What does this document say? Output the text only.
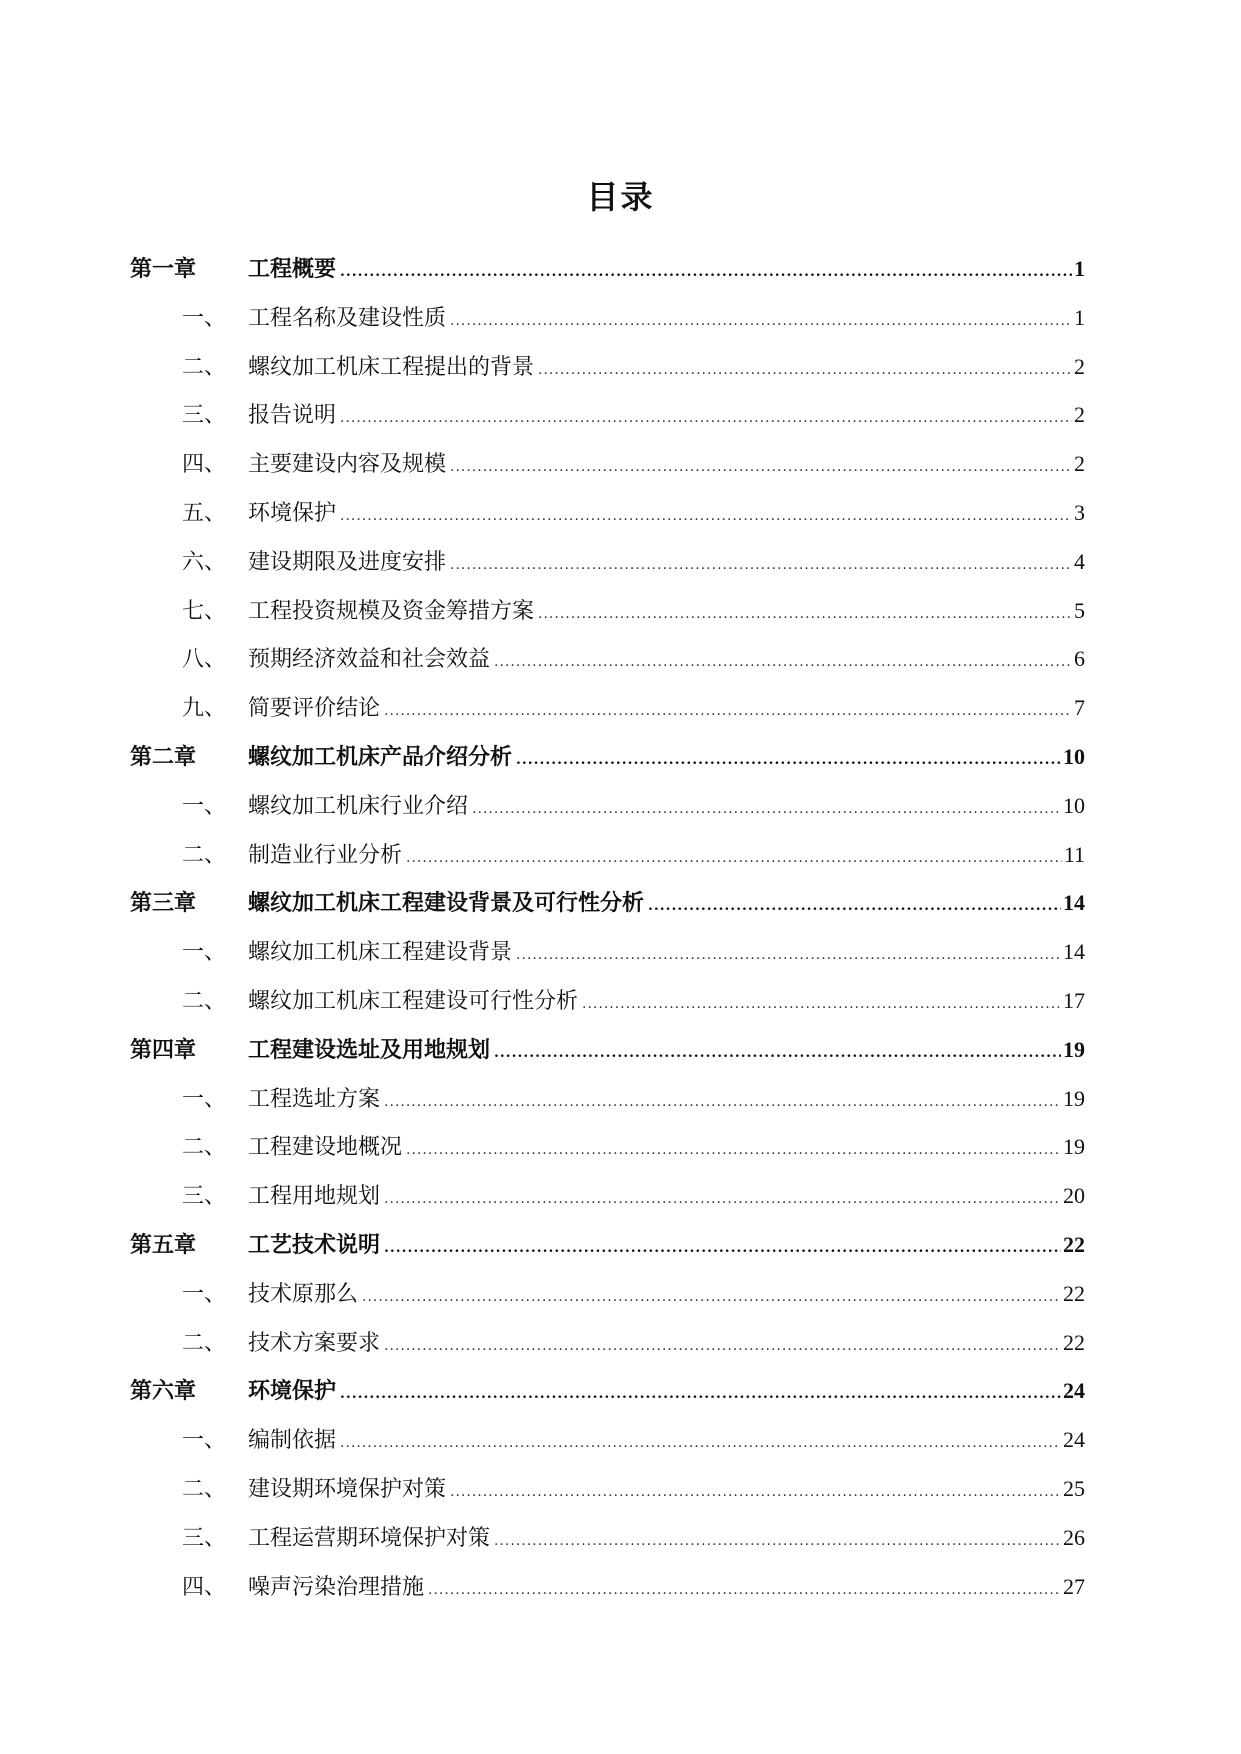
目录
第一章	工程概要 .....	1
一、 工程名称及建设性质 .....	1
二、 螺纹加工机床工程提出的背景 .....	2
三、 报告说明 .....	2
四、 主要建设内容及规模 .....	2
五、 环境保护 .....	3
六、 建设期限及进度安排 .....	4
七、 工程投资规模及资金筹措方案 .....	5
八、 预期经济效益和社会效益 .....	6
九、 简要评价结论 .....	7
第二章	螺纹加工机床产品介绍分析 .....	10
一、 螺纹加工机床行业介绍 .....	10
二、 制造业行业分析 .....	11
第三章	螺纹加工机床工程建设背景及可行性分析 .....	14
一、 螺纹加工机床工程建设背景 .....	14
二、 螺纹加工机床工程建设可行性分析 .....	17
第四章	工程建设选址及用地规划 .....	19
一、 工程选址方案 .....	19
二、 工程建设地概况 .....	19
三、 工程用地规划 .....	20
第五章	工艺技术说明 .....	22
一、 技术原那么 .....	22
二、 技术方案要求 .....	22
第六章	环境保护 .....	24
一、 编制依据 .....	24
二、 建设期环境保护对策 .....	25
三、 工程运营期环境保护对策 .....	26
四、 噪声污染治理措施 .....	27
